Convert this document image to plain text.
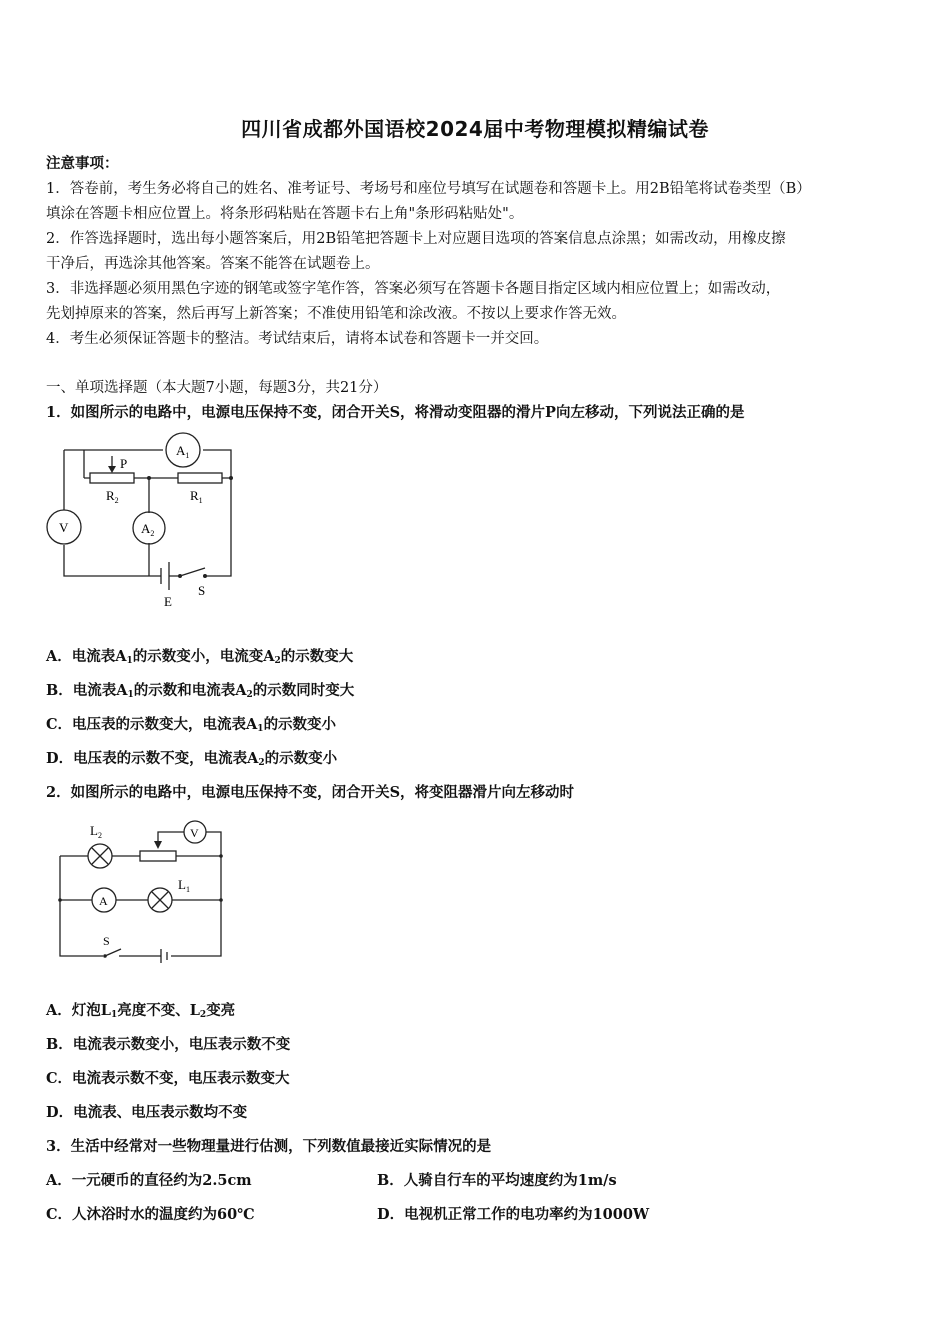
四川省成都外国语校2024届中考物理模拟精编试卷
注意事项：
1．答卷前，考生务必将自己的姓名、准考证号、考场号和座位号填写在试题卷和答题卡上。用2B铅笔将试卷类型（B）
填涂在答题卡相应位置上。将条形码粘贴在答题卡右上角"条形码粘贴处"。
2．作答选择题时，选出每小题答案后，用2B铅笔把答题卡上对应题目选项的答案信息点涂黑；如需改动，用橡皮擦
干净后，再选涂其他答案。答案不能答在试题卷上。
3．非选择题必须用黑色字迹的钢笔或签字笔作答，答案必须写在答题卡各题目指定区域内相应位置上；如需改动，
先划掉原来的答案，然后再写上新答案；不准使用铅笔和涂改液。不按以上要求作答无效。
4．考生必须保证答题卡的整洁。考试结束后，请将本试卷和答题卡一并交回。
一、单项选择题（本大题7小题，每题3分，共21分）
1．如图所示的电路中，电源电压保持不变，闭合开关S，将滑动变阻器的滑片P向左移动，下列说法正确的是
$A_1$
P
$R_2$	$R_1$
V	$A_2$
E
S
A．电流表$A_1$的示数变小，电流变$A_2$的示数变大
B．电流表$A_1$的示数和电流表$A_2$的示数同时变大
C．电压表的示数变大，电流表$A_1$的示数变小
D．电压表的示数不变，电流表$A_2$的示数变小
2．如图所示的电路中，电源电压保持不变，闭合开关S，将变阻器滑片向左移动时
$L_2$	V
A
$L_1$
S
A．灯泡$L_1$亮度不变、$L_2$变亮
B．电流表示数变小，电压表示数不变
C．电流表示数不变，电压表示数变大
D．电流表、电压表示数均不变
3．生活中经常对一些物理量进行估测，下列数值最接近实际情况的是
A．一元硬币的直径约为2.5cm	B．人骑自行车的平均速度约为1m/s
C．人沐浴时水的温度约为60℃	D．电视机正常工作的电功率约为1000W
